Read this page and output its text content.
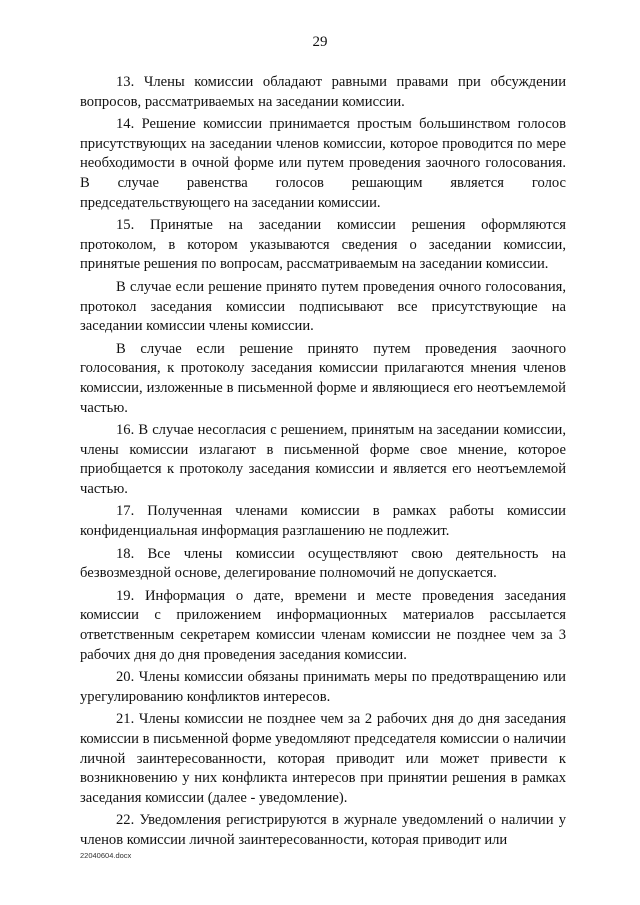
29

13. Члены комиссии обладают равными правами при обсуждении вопросов, рассматриваемых на заседании комиссии.

14. Решение комиссии принимается простым большинством голосов присутствующих на заседании членов комиссии, которое проводится по мере необходимости в очной форме или путем проведения заочного голосования. В случае равенства голосов решающим является голос председательствующего на заседании комиссии.

15. Принятые на заседании комиссии решения оформляются протоколом, в котором указываются сведения о заседании комиссии, принятые решения по вопросам, рассматриваемым на заседании комиссии.

В случае если решение принято путем проведения очного голосования, протокол заседания комиссии подписывают все присутствующие на заседании комиссии члены комиссии.

В случае если решение принято путем проведения заочного голосования, к протоколу заседания комиссии прилагаются мнения членов комиссии, изложенные в письменной форме и являющиеся его неотъемлемой частью.

16. В случае несогласия с решением, принятым на заседании комиссии, члены комиссии излагают в письменной форме свое мнение, которое приобщается к протоколу заседания комиссии и является его неотъемлемой частью.

17. Полученная членами комиссии в рамках работы комиссии конфиденциальная информация разглашению не подлежит.

18. Все члены комиссии осуществляют свою деятельность на безвозмездной основе, делегирование полномочий не допускается.

19. Информация о дате, времени и месте проведения заседания комиссии с приложением информационных материалов рассылается ответственным секретарем комиссии членам комиссии не позднее чем за 3 рабочих дня до дня проведения заседания комиссии.

20. Члены комиссии обязаны принимать меры по предотвращению или урегулированию конфликтов интересов.

21. Члены комиссии не позднее чем за 2 рабочих дня до дня заседания комиссии в письменной форме уведомляют председателя комиссии о наличии личной заинтересованности, которая приводит или может привести к возникновению у них конфликта интересов при принятии решения в рамках заседания комиссии (далее - уведомление).

22. Уведомления регистрируются в журнале уведомлений о наличии у членов комиссии личной заинтересованности, которая приводит или

22040604.docx
